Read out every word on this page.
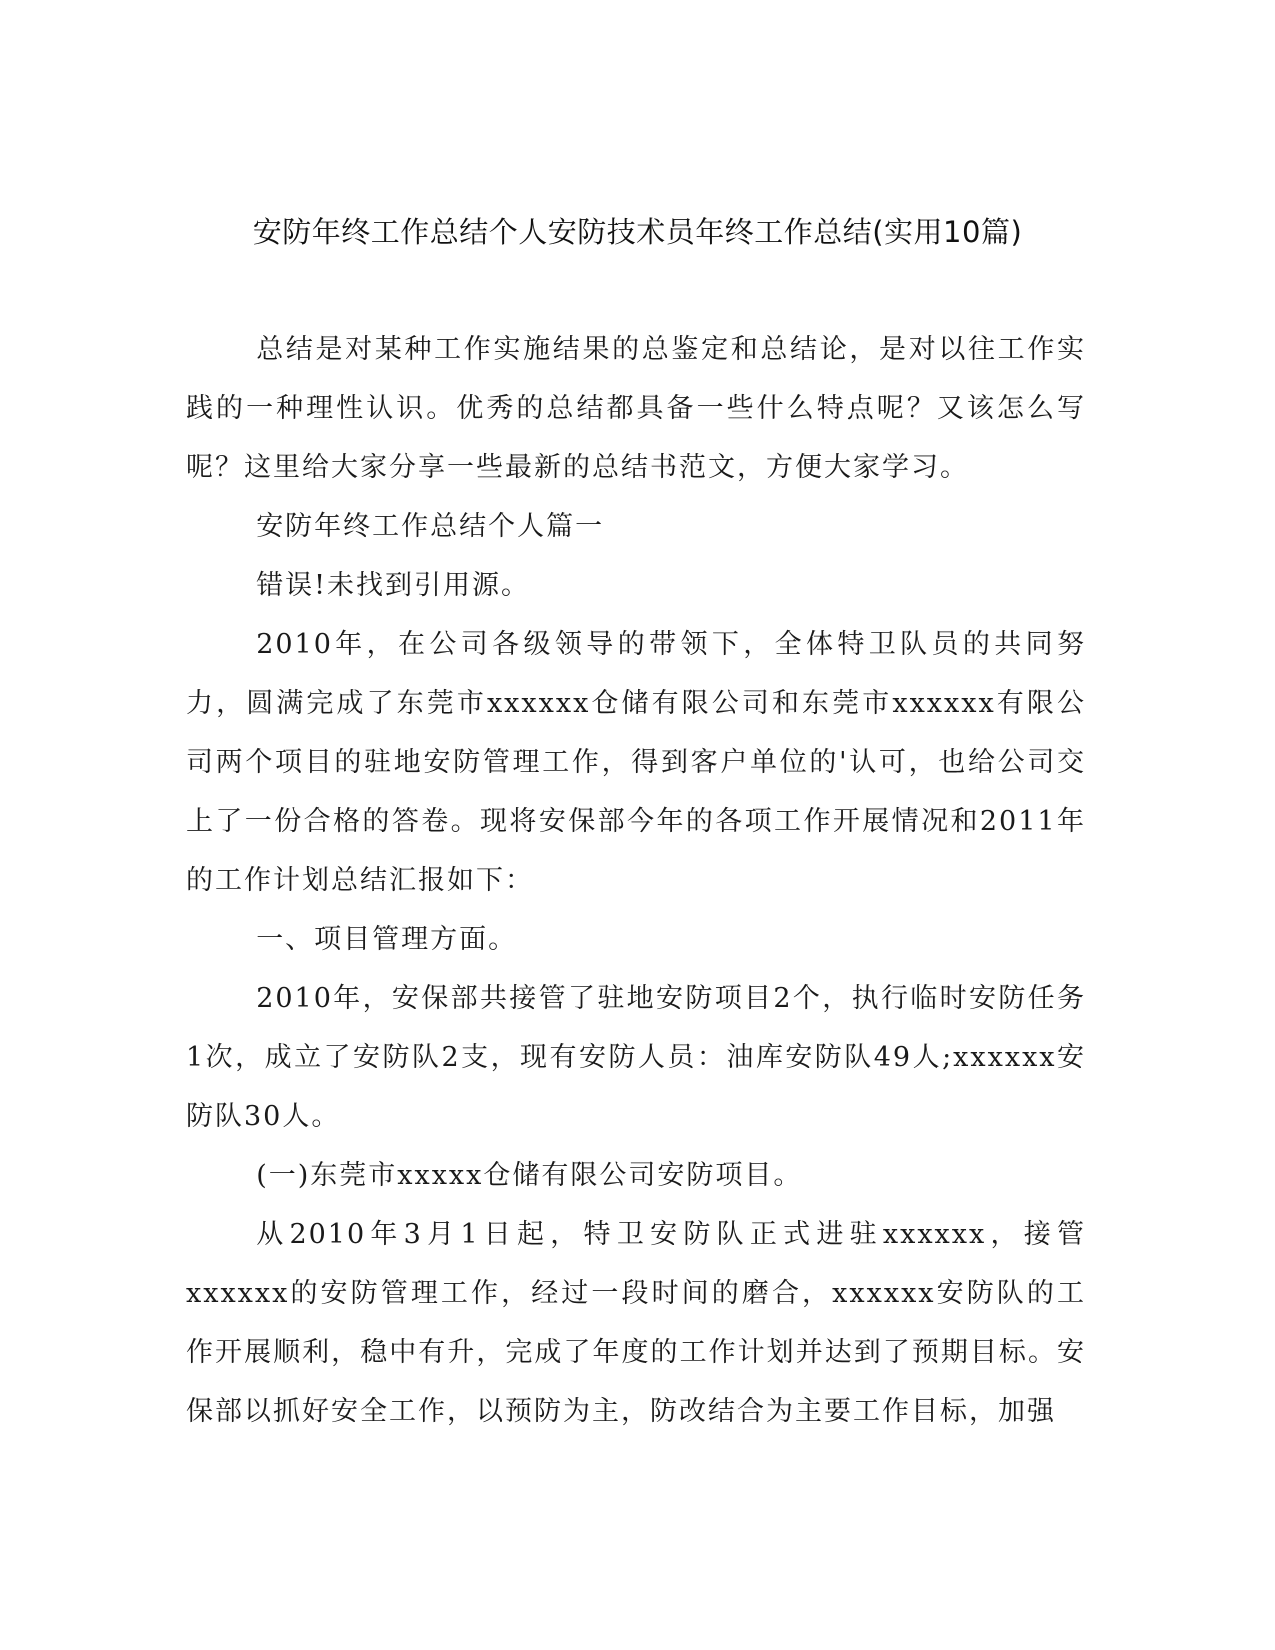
安防年终工作总结个人安防技术员年终工作总结(实用10篇)

总结是对某种工作实施结果的总鉴定和总结论，是对以往工作实践的一种理性认识。优秀的总结都具备一些什么特点呢？又该怎么写呢？这里给大家分享一些最新的总结书范文，方便大家学习。

安防年终工作总结个人篇一

错误!未找到引用源。

2010年，在公司各级领导的带领下，全体特卫队员的共同努力，圆满完成了东莞市xxxxxx仓储有限公司和东莞市xxxxxx有限公司两个项目的驻地安防管理工作，得到客户单位的'认可，也给公司交上了一份合格的答卷。现将安保部今年的各项工作开展情况和2011年的工作计划总结汇报如下：

一、项目管理方面。

2010年，安保部共接管了驻地安防项目2个，执行临时安防任务1次，成立了安防队2支，现有安防人员：油库安防队49人;xxxxxx安防队30人。

(一)东莞市xxxxx仓储有限公司安防项目。

从2010年3月1日起，特卫安防队正式进驻xxxxxx，接管xxxxxx的安防管理工作，经过一段时间的磨合，xxxxxx安防队的工作开展顺利，稳中有升，完成了年度的工作计划并达到了预期目标。安保部以抓好安全工作，以预防为主，防改结合为主要工作目标，加强
